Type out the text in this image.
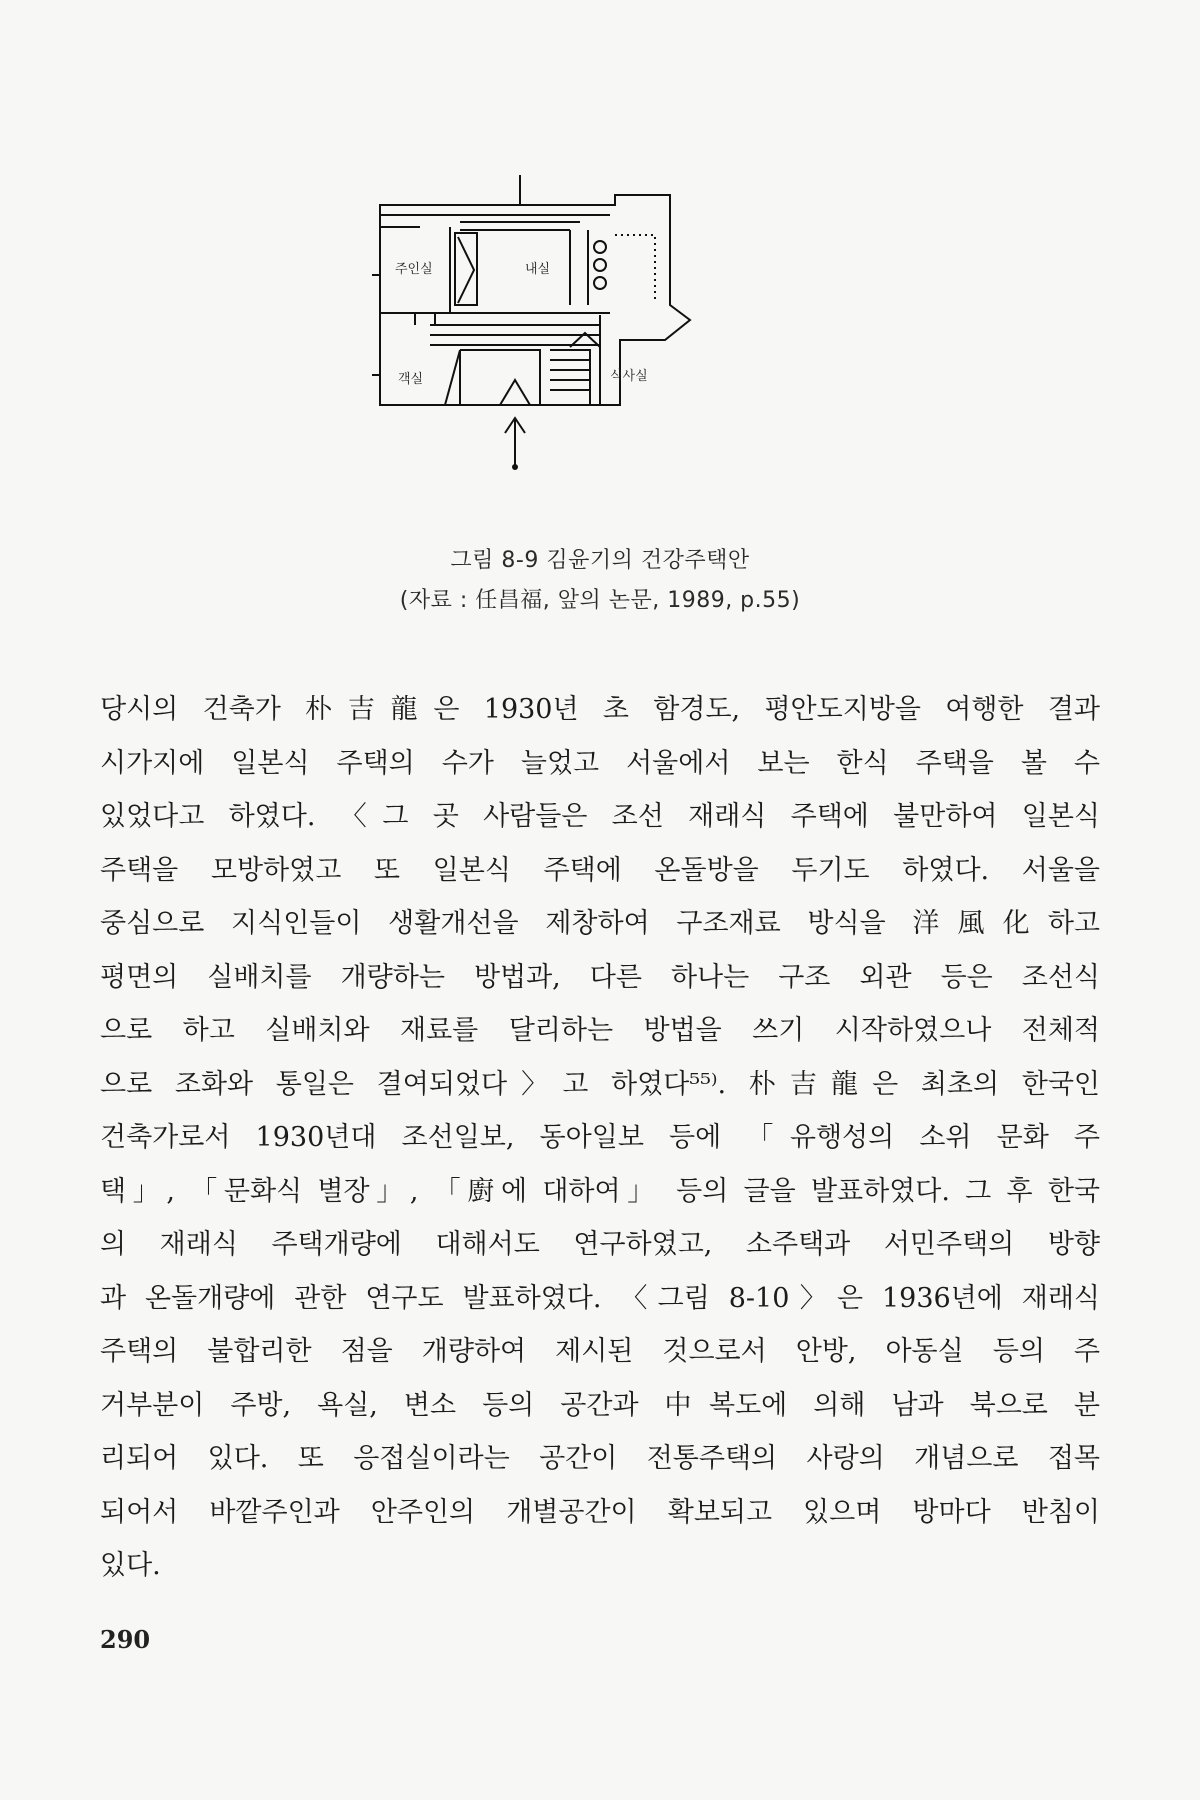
주인실	내실
객실	식사실
그림 8-9 김윤기의 건강주택안
(자료 : 任昌福, 앞의 논문, 1989, p.55)
당시의 건축가 朴吉龍은 1930년 초 함경도, 평안도지방을 여행한 결과
시가지에 일본식 주택의 수가 늘었고 서울에서 보는 한식 주택을 볼 수
있었다고 하였다. 〈그 곳 사람들은 조선 재래식 주택에 불만하여 일본식
주택을 모방하였고 또 일본식 주택에 온돌방을 두기도 하였다. 서울을
중심으로 지식인들이 생활개선을 제창하여 구조재료 방식을 洋風化하고
평면의 실배치를 개량하는 방법과, 다른 하나는 구조 외관 등은 조선식
으로 하고 실배치와 재료를 달리하는 방법을 쓰기 시작하였으나 전체적
으로 조화와 통일은 결여되었다〉고 하였다⁵⁵⁾. 朴吉龍은 최초의 한국인
건축가로서 1930년대 조선일보, 동아일보 등에 「유행성의 소위 문화 주
택」, 「문화식 별장」, 「廚에 대하여」 등의 글을 발표하였다. 그 후 한국
의 재래식 주택개량에 대해서도 연구하였고, 소주택과 서민주택의 방향
과 온돌개량에 관한 연구도 발표하였다. 〈그림 8-10〉은 1936년에 재래식
주택의 불합리한 점을 개량하여 제시된 것으로서 안방, 아동실 등의 주
거부분이 주방, 욕실, 변소 등의 공간과 中복도에 의해 남과 북으로 분
리되어 있다. 또 응접실이라는 공간이 전통주택의 사랑의 개념으로 접목
되어서 바깥주인과 안주인의 개별공간이 확보되고 있으며 방마다 반침이
있다.
290
